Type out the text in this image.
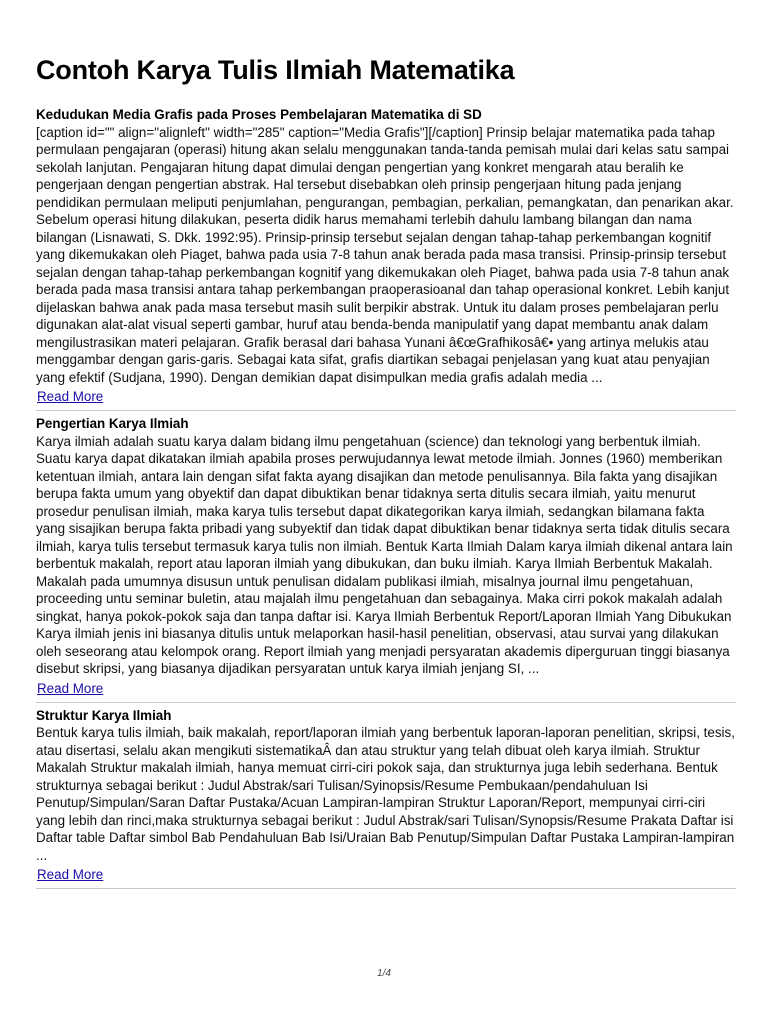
Contoh Karya Tulis Ilmiah Matematika
Kedudukan Media Grafis pada Proses Pembelajaran Matematika di SD
[caption id="" align="alignleft" width="285" caption="Media Grafis"][/caption] Prinsip belajar matematika pada tahap permulaan pengajaran (operasi) hitung akan selalu menggunakan tanda-tanda pemisah mulai dari kelas satu sampai sekolah lanjutan. Pengajaran hitung dapat dimulai dengan pengertian yang konkret mengarah atau beralih ke pengerjaan dengan pengertian abstrak. Hal tersebut disebabkan oleh prinsip pengerjaan hitung pada jenjang pendidikan permulaan meliputi penjumlahan, pengurangan, pembagian, perkalian, pemangkatan, dan penarikan akar. Sebelum operasi hitung dilakukan, peserta didik harus memahami terlebih dahulu lambang bilangan dan nama bilangan (Lisnawati, S. Dkk. 1992:95). Prinsip-prinsip tersebut sejalan dengan tahap-tahap perkembangan kognitif yang dikemukakan oleh Piaget, bahwa pada usia 7-8 tahun anak berada pada masa transisi. Prinsip-prinsip tersebut sejalan dengan tahap-tahap perkembangan kognitif yang dikemukakan oleh Piaget, bahwa pada usia 7-8 tahun anak berada pada masa transisi antara tahap perkembangan praoperasioanal dan tahap operasional konkret. Lebih kanjut dijelaskan bahwa anak pada masa tersebut masih sulit berpikir abstrak. Untuk itu dalam proses pembelajaran perlu digunakan alat-alat visual seperti gambar, huruf atau benda-benda manipulatif yang dapat membantu anak dalam mengilustrasikan materi pelajaran. Grafik berasal dari bahasa Yunani â€œGrafhikosâ€• yang artinya melukis atau menggambar dengan garis-garis. Sebagai kata sifat, grafis diartikan sebagai penjelasan yang kuat atau penyajian yang efektif (Sudjana, 1990). Dengan demikian dapat disimpulkan media grafis adalah media ...
Read More
Pengertian Karya Ilmiah
Karya ilmiah adalah suatu karya dalam bidang ilmu pengetahuan (science) dan teknologi yang berbentuk ilmiah. Suatu karya dapat dikatakan ilmiah apabila proses perwujudannya lewat metode ilmiah. Jonnes (1960) memberikan ketentuan ilmiah, antara lain dengan sifat fakta ayang disajikan dan metode penulisannya. Bila fakta yang disajikan berupa fakta umum yang obyektif dan dapat dibuktikan benar tidaknya serta ditulis secara ilmiah, yaitu menurut prosedur penulisan ilmiah, maka karya tulis tersebut dapat dikategorikan karya ilmiah, sedangkan bilamana fakta yang sisajikan berupa fakta pribadi yang subyektif dan tidak dapat dibuktikan benar tidaknya serta tidak ditulis secara ilmiah, karya tulis tersebut termasuk karya tulis non ilmiah. Bentuk Karta Ilmiah Dalam karya ilmiah dikenal antara lain berbentuk makalah, report atau laporan ilmiah yang dibukukan, dan buku ilmiah. Karya Ilmiah Berbentuk Makalah. Makalah pada umumnya disusun untuk penulisan didalam publikasi ilmiah, misalnya journal ilmu pengetahuan, proceeding untu seminar buletin, atau majalah ilmu pengetahuan dan sebagainya. Maka cirri pokok makalah adalah singkat, hanya pokok-pokok saja dan tanpa daftar isi. Karya Ilmiah Berbentuk Report/Laporan Ilmiah Yang Dibukukan Karya ilmiah jenis ini biasanya ditulis untuk melaporkan hasil-hasil penelitian, observasi, atau survai yang dilakukan oleh seseorang atau kelompok orang. Report ilmiah yang menjadi persyaratan akademis diperguruan tinggi biasanya disebut skripsi, yang biasanya dijadikan persyaratan untuk karya ilmiah jenjang SI, ...
Read More
Struktur Karya Ilmiah
Bentuk karya tulis ilmiah, baik makalah, report/laporan ilmiah yang berbentuk laporan-laporan penelitian, skripsi, tesis, atau disertasi, selalu akan mengikuti sistematikaÂ dan atau struktur yang telah dibuat oleh karya ilmiah. Struktur Makalah Struktur makalah ilmiah, hanya memuat cirri-ciri pokok saja, dan strukturnya juga lebih sederhana. Bentuk strukturnya sebagai berikut : Judul Abstrak/sari Tulisan/Syinopsis/Resume Pembukaan/pendahuluan Isi Penutup/Simpulan/Saran Daftar Pustaka/Acuan Lampiran-lampiran Struktur Laporan/Report, mempunyai cirri-ciri yang lebih dan rinci,maka strukturnya sebagai berikut : Judul Abstrak/sari Tulisan/Synopsis/Resume Prakata Daftar isi Daftar table Daftar simbol Bab Pendahuluan Bab Isi/Uraian Bab Penutup/Simpulan Daftar Pustaka Lampiran-lampiran ...
Read More
1/4
